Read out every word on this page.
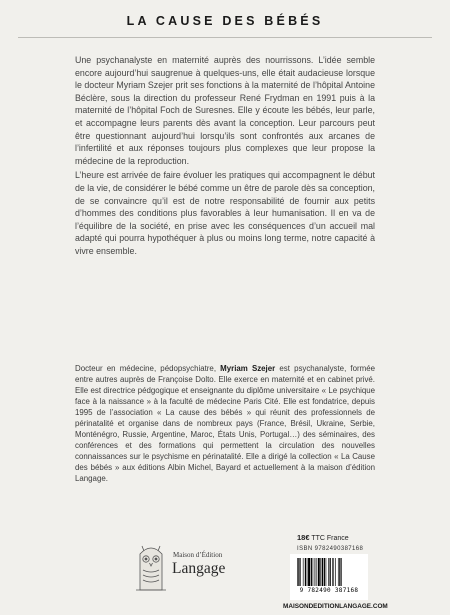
LA CAUSE DES BÉBÉS

Une psychanalyste en maternité auprès des nourrissons. L’idée semble encore aujourd’hui saugrenue à quelques-uns, elle était audacieuse lorsque le docteur Myriam Szejer prit ses fonctions à la maternité de l’hôpital Antoine Béclère, sous la direction du professeur René Frydman en 1991 puis à la maternité de l’hôpital Foch de Suresnes. Elle y écoute les bébés, leur parle, et accompagne leurs parents dès avant la conception. Leur parcours peut être questionnant aujourd’hui lorsqu’ils sont confrontés aux arcanes de l’infertilité et aux réponses toujours plus complexes que leur propose la médecine de la reproduction.

L’heure est arrivée de faire évoluer les pratiques qui accompagnent le début de la vie, de considérer le bébé comme un être de parole dès sa conception, de se convaincre qu’il est de notre responsabilité de fournir aux petits d’hommes des conditions plus favorables à leur humanisation. Il en va de l’équilibre de la société, en prise avec les conséquences d’un accueil mal adapté qui pourra hypothéquer à plus ou moins long terme, notre capacité à vivre ensemble.

Docteur en médecine, pédopsychiatre, Myriam Szejer est psychanalyste, formée entre autres auprès de Françoise Dolto. Elle exerce en maternité et en cabinet privé. Elle est directrice pédgogique et enseignante du diplôme universitaire « Le psychique face à la naissance » à la faculté de médecine Paris Cité. Elle est fondatrice, depuis 1995 de l’association « La cause des bébés » qui réunit des professionnels de périnatalité et organise dans de nombreux pays (France, Brésil, Ukraine, Serbie, Monténégro, Russie, Argentine, Maroc, États Unis, Portugal…) des séminaires, des conférences et des formations qui permettent la circulation des nouvelles connaissances sur le psychisme en périnatalité. Elle a dirigé la collection « La Cause des bébés » aux éditions Albin Michel, Bayard et actuellement à la maison d’édition Langage.
Maison d’Édition
Langage
18€ TTC France
ISBN 9782490387168
9 782490 387168
MAISONDEDITIONLANGAGE.COM
